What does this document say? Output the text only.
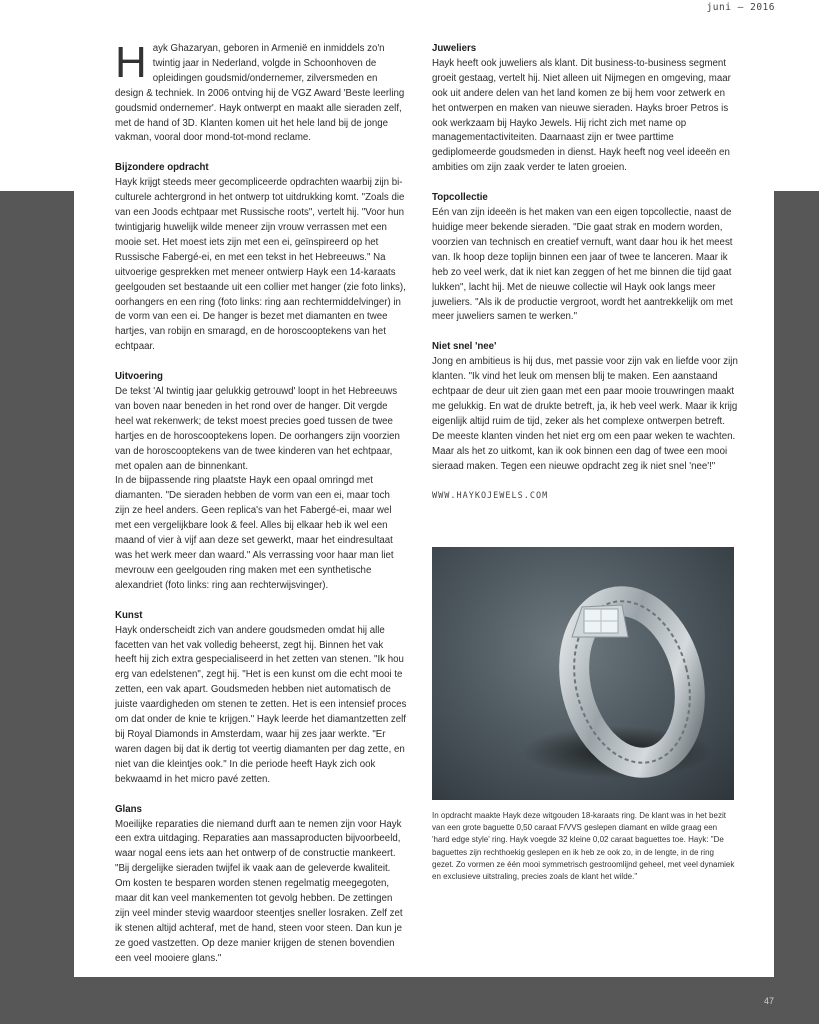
juni — 2016

Hayk Ghazaryan, geboren in Armenië en inmiddels zo'n twintig jaar in Nederland, volgde in Schoonhoven de opleidingen goudsmid/ondernemer, zilversmeden en design & techniek. In 2006 ontving hij de VGZ Award 'Beste leerling goudsmid ondernemer'. Hayk ontwerpt en maakt alle sieraden zelf, met de hand of 3D. Klanten komen uit het hele land bij de jonge vakman, vooral door mond-tot-mond reclame.

Bijzondere opdracht

Hayk krijgt steeds meer gecompliceerde opdrachten waarbij zijn bi-culturele achtergrond in het ontwerp tot uitdrukking komt. "Zoals die van een Joods echtpaar met Russische roots", vertelt hij. "Voor hun twintigjarig huwelijk wilde meneer zijn vrouw verrassen met een mooie set. Het moest iets zijn met een ei, geïnspireerd op het Russische Fabergé-ei, en met een tekst in het Hebreeuws." Na uitvoerige gesprekken met meneer ontwierp Hayk een 14-karaats geelgouden set bestaande uit een collier met hanger (zie foto links), oorhangers en een ring (foto links: ring aan rechtermiddelvinger) in de vorm van een ei. De hanger is bezet met diamanten en twee hartjes, van robijn en smaragd, en de horoscooptekens van het echtpaar.

Uitvoering

De tekst 'Al twintig jaar gelukkig getrouwd' loopt in het Hebreeuws van boven naar beneden in het rond over de hanger. Dit vergde heel wat rekenwerk; de tekst moest precies goed tussen de twee hartjes en de horoscooptekens lopen. De oorhangers zijn voorzien van de horoscooptekens van de twee kinderen van het echtpaar, met opalen aan de binnenkant.

In de bijpassende ring plaatste Hayk een opaal omringd met diamanten. "De sieraden hebben de vorm van een ei, maar toch zijn ze heel anders. Geen replica's van het Fabergé-ei, maar wel met een vergelijkbare look & feel. Alles bij elkaar heb ik wel een maand of vier à vijf aan deze set gewerkt, maar het eindresultaat was het werk meer dan waard." Als verrassing voor haar man liet mevrouw een geelgouden ring maken met een synthetische alexandriet (foto links: ring aan rechterwijsvinger).

Kunst

Hayk onderscheidt zich van andere goudsmeden omdat hij alle facetten van het vak volledig beheerst, zegt hij. Binnen het vak heeft hij zich extra gespecialiseerd in het zetten van stenen. "Ik hou erg van edelstenen", zegt hij. "Het is een kunst om die echt mooi te zetten, een vak apart. Goudsmeden hebben niet automatisch de juiste vaardigheden om stenen te zetten. Het is een intensief proces om dat onder de knie te krijgen." Hayk leerde het diamantzetten zelf bij Royal Diamonds in Amsterdam, waar hij zes jaar werkte. "Er waren dagen bij dat ik dertig tot veertig diamanten per dag zette, en niet van die kleintjes ook." In die periode heeft Hayk zich ook bekwaamd in het micro pavé zetten.

Glans

Moeilijke reparaties die niemand durft aan te nemen zijn voor Hayk een extra uitdaging. Reparaties aan massaproducten bijvoorbeeld, waar nogal eens iets aan het ontwerp of de constructie mankeert. "Bij dergelijke sieraden twijfel ik vaak aan de geleverde kwaliteit. Om kosten te besparen worden stenen regelmatig meegegoten, maar dit kan veel mankementen tot gevolg hebben. De zettingen zijn veel minder stevig waardoor steentjes sneller losraken. Zelf zet ik stenen altijd achteraf, met de hand, steen voor steen. Dan kun je ze goed vastzetten. Op deze manier krijgen de stenen bovendien een veel mooiere glans."

Juweliers

Hayk heeft ook juweliers als klant. Dit business-to-business segment groeit gestaag, vertelt hij. Niet alleen uit Nijmegen en omgeving, maar ook uit andere delen van het land komen ze bij hem voor zetwerk en het ontwerpen en maken van nieuwe sieraden. Hayks broer Petros is ook werkzaam bij Hayko Jewels. Hij richt zich met name op managementactiviteiten. Daarnaast zijn er twee parttime gediplomeerde goudsmeden in dienst. Hayk heeft nog veel ideeën en ambities om zijn zaak verder te laten groeien.

Topcollectie

Eén van zijn ideeën is het maken van een eigen topcollectie, naast de huidige meer bekende sieraden. "Die gaat strak en modern worden, voorzien van technisch en creatief vernuft, want daar hou ik het meest van. Ik hoop deze toplijn binnen een jaar of twee te lanceren. Maar ik heb zo veel werk, dat ik niet kan zeggen of het me binnen die tijd gaat lukken", lacht hij. Met de nieuwe collectie wil Hayk ook langs meer juweliers. "Als ik de productie vergroot, wordt het aantrekkelijk om met meer juweliers samen te werken."

Niet snel 'nee'

Jong en ambitieus is hij dus, met passie voor zijn vak en liefde voor zijn klanten. "Ik vind het leuk om mensen blij te maken. Een aanstaand echtpaar de deur uit zien gaan met een paar mooie trouwringen maakt me gelukkig. En wat de drukte betreft, ja, ik heb veel werk. Maar ik krijg eigenlijk altijd ruim de tijd, zeker als het complexe ontwerpen betreft. De meeste klanten vinden het niet erg om een paar weken te wachten. Maar als het zo uitkomt, kan ik ook binnen een dag of twee een mooi sieraad maken. Tegen een nieuwe opdracht zeg ik niet snel 'nee'!"

WWW.HAYKOJEWELS.COM

In opdracht maakte Hayk deze witgouden 18-karaats ring. De klant was in het bezit van een grote baguette 0,50 caraat F/VVS geslepen diamant en wilde graag een 'hard edge style' ring. Hayk voegde 32 kleine 0,02 caraat baguettes toe. Hayk: "De baguettes zijn rechthoekig geslepen en ik heb ze ook zo, in de lengte, in de ring gezet. Zo vormen ze één mooi symmetrisch gestroomlijnd geheel, met veel dynamiek en exclusieve uitstraling, precies zoals de klant het wilde."
47
